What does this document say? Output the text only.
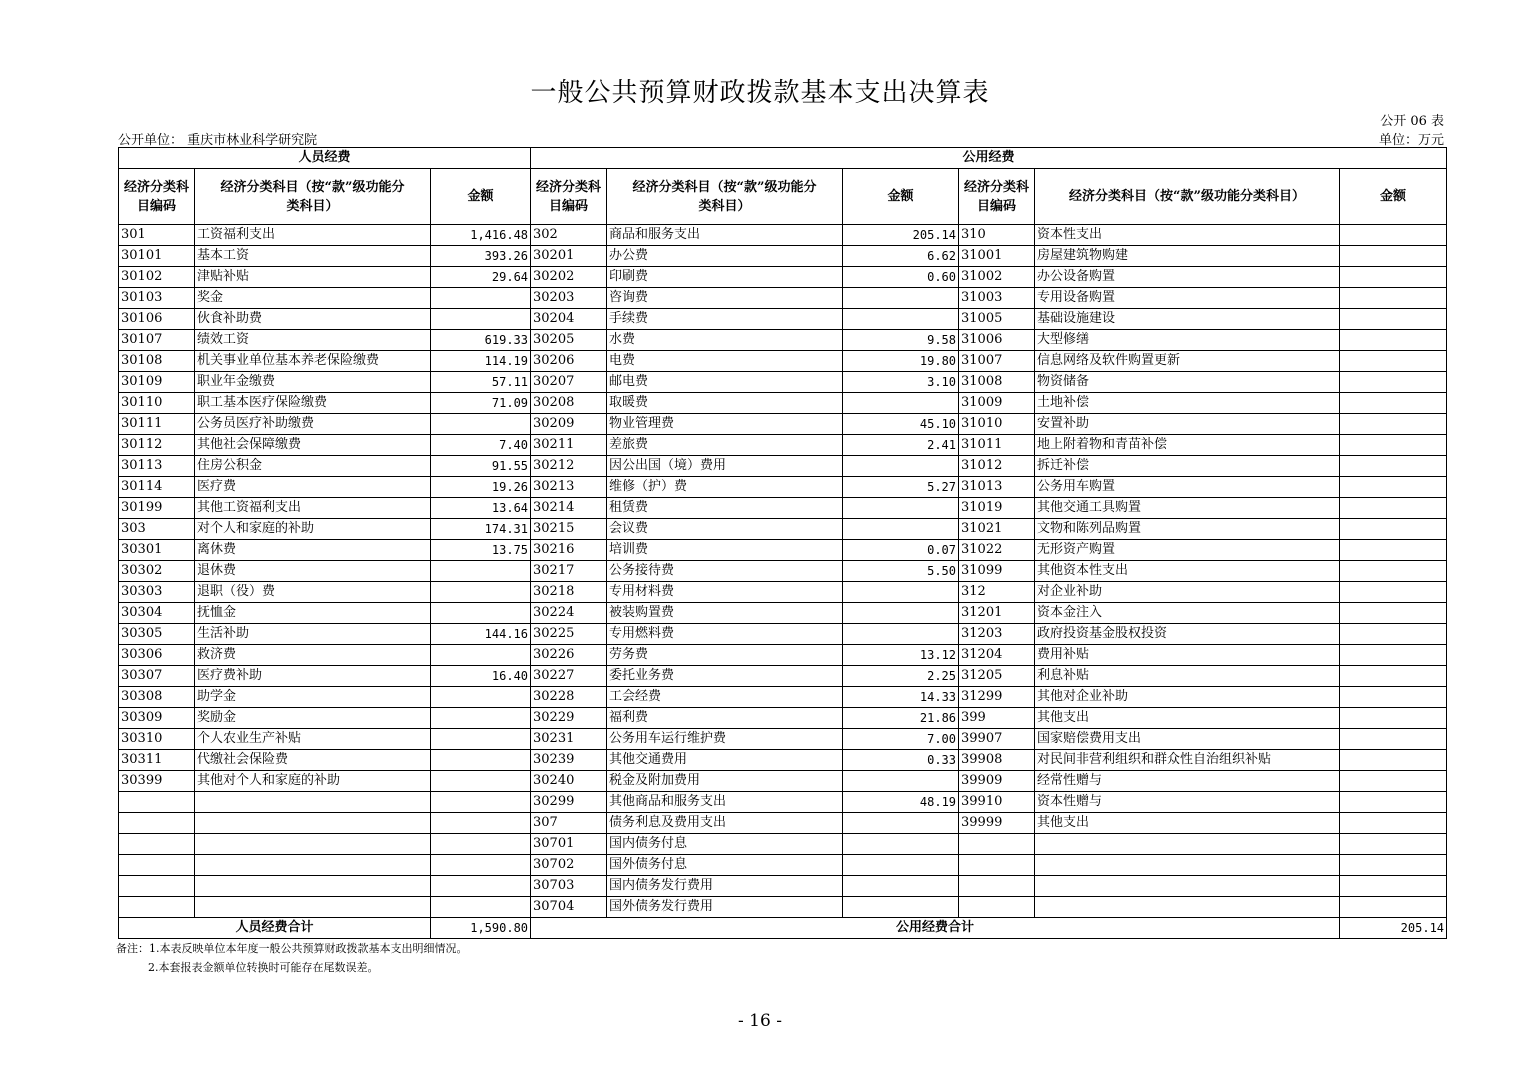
一般公共预算财政拨款基本支出决算表
公开 06 表
公开单位： 重庆市林业科学研究院	单位：万元
人员经费			公用经费					
经济分类科目编码	经济分类科目（按“款”级功能分类科目）	金额	经济分类科目编码	经济分类科目（按“款”级功能分类科目）	金额	经济分类科目编码	经济分类科目（按“款”级功能分类科目）	金额
301	工资福利支出	1,416.48	302	商品和服务支出	205.14	310	资本性支出	
30101	基本工资	393.26	30201	办公费	6.62	31001	房屋建筑物购建	
30102	津贴补贴	29.64	30202	印刷费	0.60	31002	办公设备购置	
30103	奖金		30203	咨询费		31003	专用设备购置	
30106	伙食补助费		30204	手续费		31005	基础设施建设	
30107	绩效工资	619.33	30205	水费	9.58	31006	大型修缮	
30108	机关事业单位基本养老保险缴费	114.19	30206	电费	19.80	31007	信息网络及软件购置更新	
30109	职业年金缴费	57.11	30207	邮电费	3.10	31008	物资储备	
30110	职工基本医疗保险缴费	71.09	30208	取暖费		31009	土地补偿	
30111	公务员医疗补助缴费		30209	物业管理费	45.10	31010	安置补助	
30112	其他社会保障缴费	7.40	30211	差旅费	2.41	31011	地上附着物和青苗补偿	
30113	住房公积金	91.55	30212	因公出国（境）费用		31012	拆迁补偿	
30114	医疗费	19.26	30213	维修（护）费	5.27	31013	公务用车购置	
30199	其他工资福利支出	13.64	30214	租赁费		31019	其他交通工具购置	
303	对个人和家庭的补助	174.31	30215	会议费		31021	文物和陈列品购置	
30301	离休费	13.75	30216	培训费	0.07	31022	无形资产购置	
30302	退休费		30217	公务接待费	5.50	31099	其他资本性支出	
30303	退职（役）费		30218	专用材料费		312	对企业补助	
30304	抚恤金		30224	被装购置费		31201	资本金注入	
30305	生活补助	144.16	30225	专用燃料费		31203	政府投资基金股权投资	
30306	救济费		30226	劳务费	13.12	31204	费用补贴	
30307	医疗费补助	16.40	30227	委托业务费	2.25	31205	利息补贴	
30308	助学金		30228	工会经费	14.33	31299	其他对企业补助	
30309	奖励金		30229	福利费	21.86	399	其他支出	
30310	个人农业生产补贴		30231	公务用车运行维护费	7.00	39907	国家赔偿费用支出	
30311	代缴社会保险费		30239	其他交通费用	0.33	39908	对民间非营利组织和群众性自治组织补贴	
30399	其他对个人和家庭的补助		30240	税金及附加费用		39909	经常性赠与	
			30299	其他商品和服务支出	48.19	39910	资本性赠与	
			307	债务利息及费用支出		39999	其他支出	
			30701	国内债务付息				
			30702	国外债务付息				
			30703	国内债务发行费用				
			30704	国外债务发行费用				
人员经费合计		1,590.80	公用经费合计					205.14
备注：1.本表反映单位本年度一般公共预算财政拨款基本支出明细情况。
2.本套报表金额单位转换时可能存在尾数误差。
- 16 -
